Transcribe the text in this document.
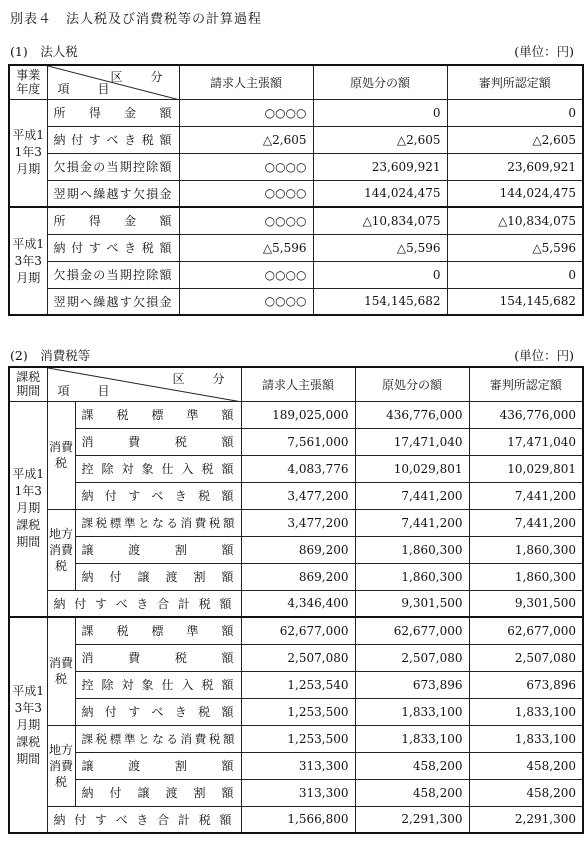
別表４　法人税及び消費税等の計算過程
(1)　法人税	(単位：円)
事業年度	区　分
項　目	請求人主張額	原処分の額	審判所認定額
平成11年3月期	所得金額	○○○○	0	0
	納付すべき税額	△2,605	△2,605	△2,605
	欠損金の当期控除額	○○○○	23,609,921	23,609,921
	翌期へ繰越す欠損金	○○○○	144,024,475	144,024,475
平成13年3月期	所得金額	○○○○	△10,834,075	△10,834,075
	納付すべき税額	△5,596	△5,596	△5,596
	欠損金の当期控除額	○○○○	0	0
	翌期へ繰越す欠損金	○○○○	154,145,682	154,145,682
(2)　消費税等	(単位：円)
課税期間	区　分
項　目		請求人主張額	原処分の額	審判所認定額
平成11年3月期課税期間	消費税	課税標準額	189,025,000	436,776,000	436,776,000
		消費税額	7,561,000	17,471,040	17,471,040
		控除対象仕入税額	4,083,776	10,029,801	10,029,801
		納付すべき税額	3,477,200	7,441,200	7,441,200
	地方消費税	課税標準となる消費税額	3,477,200	7,441,200	7,441,200
		譲渡割額	869,200	1,860,300	1,860,300
		納付譲渡割額	869,200	1,860,300	1,860,300
	納付すべき合計税額		4,346,400	9,301,500	9,301,500
平成13年3月期課税期間	消費税	課税標準額	62,677,000	62,677,000	62,677,000
		消費税額	2,507,080	2,507,080	2,507,080
		控除対象仕入税額	1,253,540	673,896	673,896
		納付すべき税額	1,253,500	1,833,100	1,833,100
	地方消費税	課税標準となる消費税額	1,253,500	1,833,100	1,833,100
		譲渡割額	313,300	458,200	458,200
		納付譲渡割額	313,300	458,200	458,200
	納付すべき合計税額		1,566,800	2,291,300	2,291,300
